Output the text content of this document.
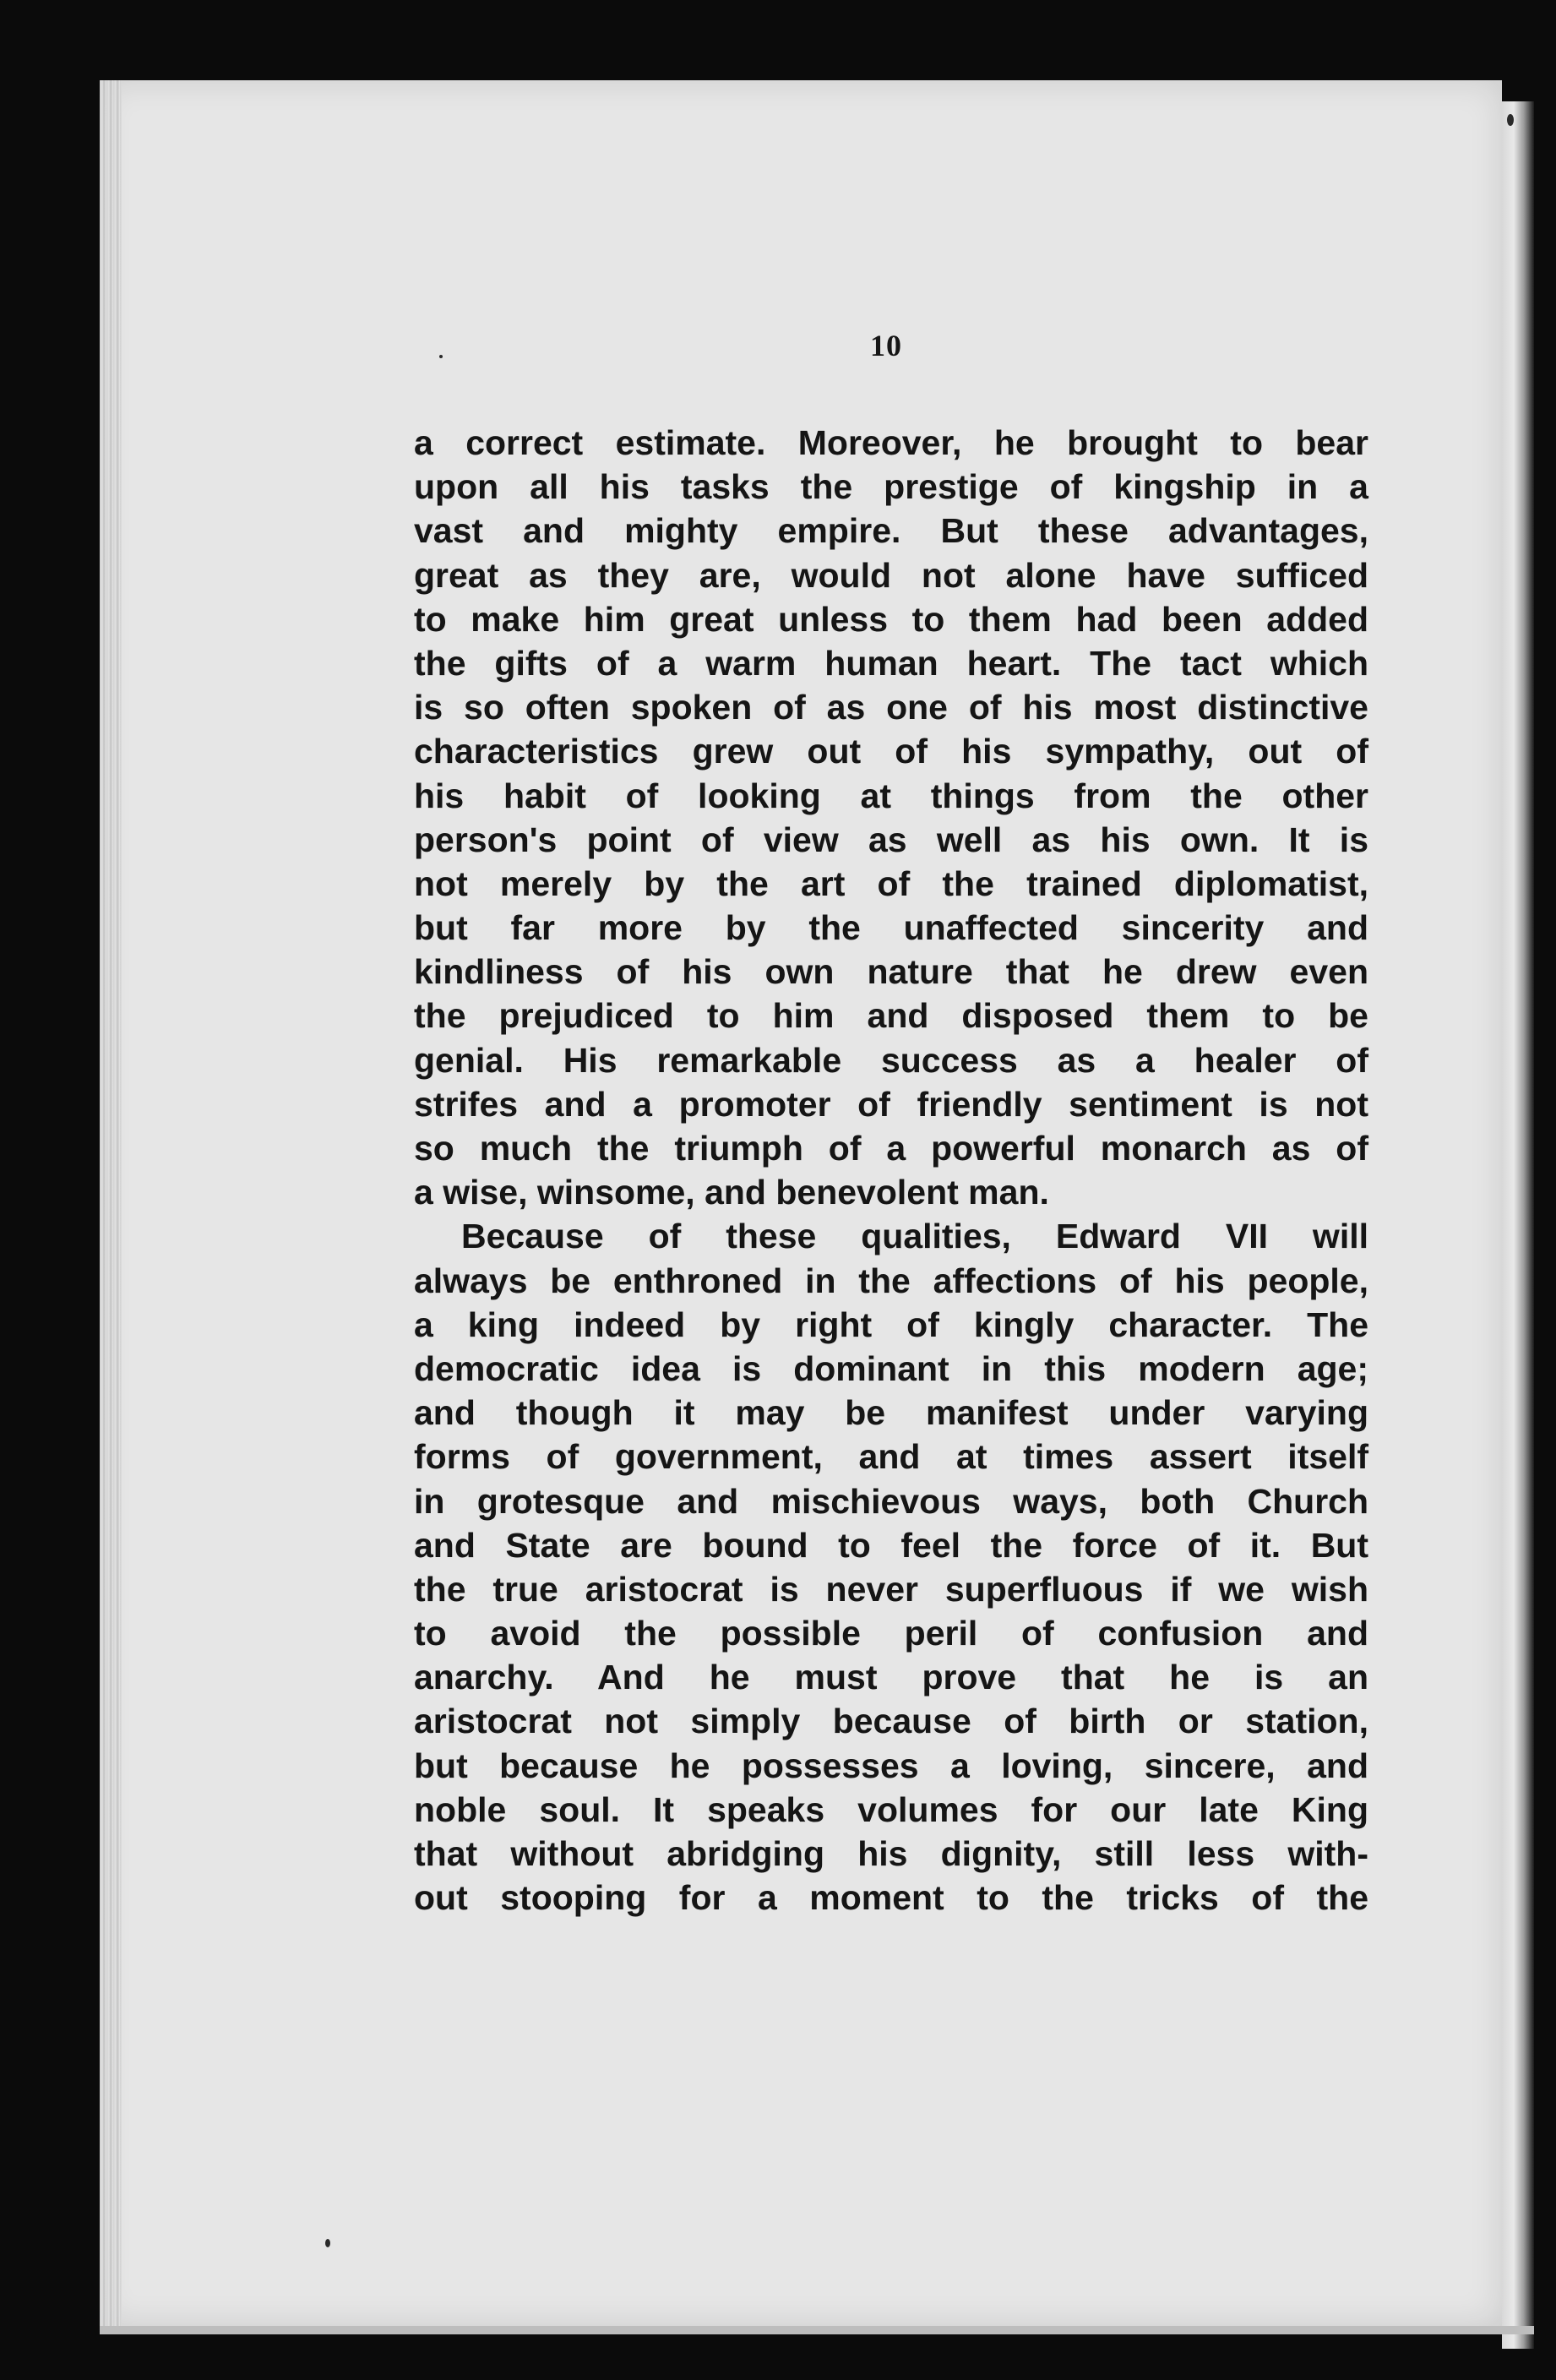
10
a correct estimate. Moreover, he brought to bear
upon all his tasks the prestige of kingship in a
vast and mighty empire. But these advantages,
great as they are, would not alone have sufficed
to make him great unless to them had been added
the gifts of a warm human heart. The tact which
is so often spoken of as one of his most distinctive
characteristics grew out of his sympathy, out of
his habit of looking at things from the other
person's point of view as well as his own. It is
not merely by the art of the trained diplomatist,
but far more by the unaffected sincerity and
kindliness of his own nature that he drew even
the prejudiced to him and disposed them to be
genial. His remarkable success as a healer of
strifes and a promoter of friendly sentiment is not
so much the triumph of a powerful monarch as of
a wise, winsome, and benevolent man.
Because of these qualities, Edward VII will
always be enthroned in the affections of his people,
a king indeed by right of kingly character. The
democratic idea is dominant in this modern age;
and though it may be manifest under varying
forms of government, and at times assert itself
in grotesque and mischievous ways, both Church
and State are bound to feel the force of it. But
the true aristocrat is never superfluous if we wish
to avoid the possible peril of confusion and
anarchy. And he must prove that he is an
aristocrat not simply because of birth or station,
but because he possesses a loving, sincere, and
noble soul. It speaks volumes for our late King
that without abridging his dignity, still less with-
out stooping for a moment to the tricks of the
